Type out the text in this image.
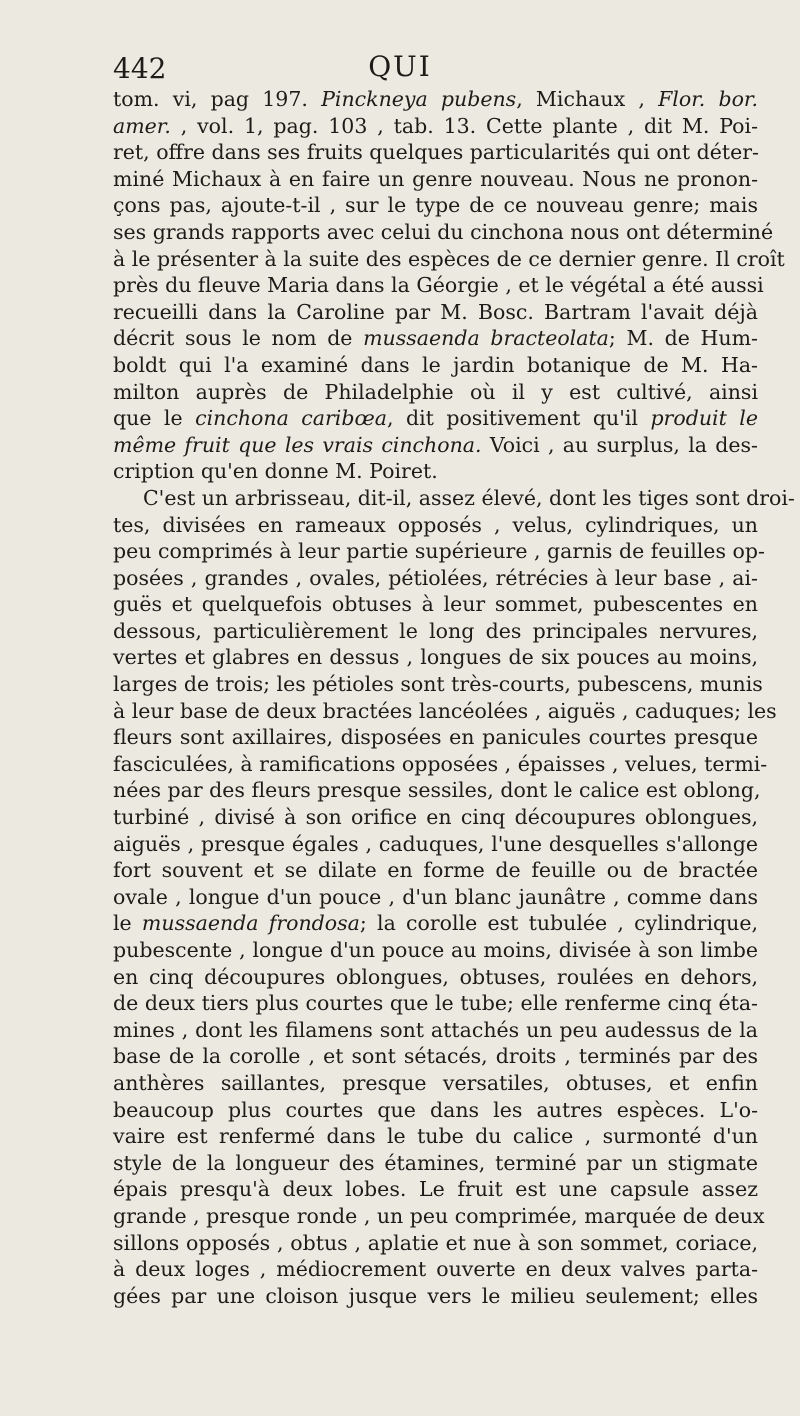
442	QUI
tom. vi, pag 197. Pinckneya pubens, Michaux , Flor. bor.
amer. , vol. 1, pag. 103 , tab. 13. Cette plante , dit M. Poi-
ret, offre dans ses fruits quelques particularités qui ont déter-
miné Michaux à en faire un genre nouveau. Nous ne pronon-
çons pas, ajoute-t-il , sur le type de ce nouveau genre; mais
ses grands rapports avec celui du cinchona nous ont déterminé
à le présenter à la suite des espèces de ce dernier genre. Il croît
près du fleuve Maria dans la Géorgie , et le végétal a été aussi
recueilli dans la Caroline par M. Bosc. Bartram l'avait déjà
décrit sous le nom de mussaenda bracteolata; M. de Hum-
boldt qui l'a examiné dans le jardin botanique de M. Ha-
milton auprès de Philadelphie où il y est cultivé, ainsi
que le cinchona caribœa, dit positivement qu'il produit le
même fruit que les vrais cinchona. Voici , au surplus, la des-
cription qu'en donne M. Poiret.
C'est un arbrisseau, dit-il, assez élevé, dont les tiges sont droi-
tes, divisées en rameaux opposés , velus, cylindriques, un
peu comprimés à leur partie supérieure , garnis de feuilles op-
posées , grandes , ovales, pétiolées, rétrécies à leur base , ai-
guës et quelquefois obtuses à leur sommet, pubescentes en
dessous, particulièrement le long des principales nervures,
vertes et glabres en dessus , longues de six pouces au moins,
larges de trois; les pétioles sont très-courts, pubescens, munis
à leur base de deux bractées lancéolées , aiguës , caduques; les
fleurs sont axillaires, disposées en panicules courtes presque
fasciculées, à ramifications opposées , épaisses , velues, termi-
nées par des fleurs presque sessiles, dont le calice est oblong,
turbiné , divisé à son orifice en cinq découpures oblongues,
aiguës , presque égales , caduques, l'une desquelles s'allonge
fort souvent et se dilate en forme de feuille ou de bractée
ovale , longue d'un pouce , d'un blanc jaunâtre , comme dans
le mussaenda frondosa; la corolle est tubulée , cylindrique,
pubescente , longue d'un pouce au moins, divisée à son limbe
en cinq découpures oblongues, obtuses, roulées en dehors,
de deux tiers plus courtes que le tube; elle renferme cinq éta-
mines , dont les filamens sont attachés un peu audessus de la
base de la corolle , et sont sétacés, droits , terminés par des
anthères saillantes, presque versatiles, obtuses, et enfin
beaucoup plus courtes que dans les autres espèces. L'o-
vaire est renfermé dans le tube du calice , surmonté d'un
style de la longueur des étamines, terminé par un stigmate
épais presqu'à deux lobes. Le fruit est une capsule assez
grande , presque ronde , un peu comprimée, marquée de deux
sillons opposés , obtus , aplatie et nue à son sommet, coriace,
à deux loges , médiocrement ouverte en deux valves parta-
gées par une cloison jusque vers le milieu seulement; elles
